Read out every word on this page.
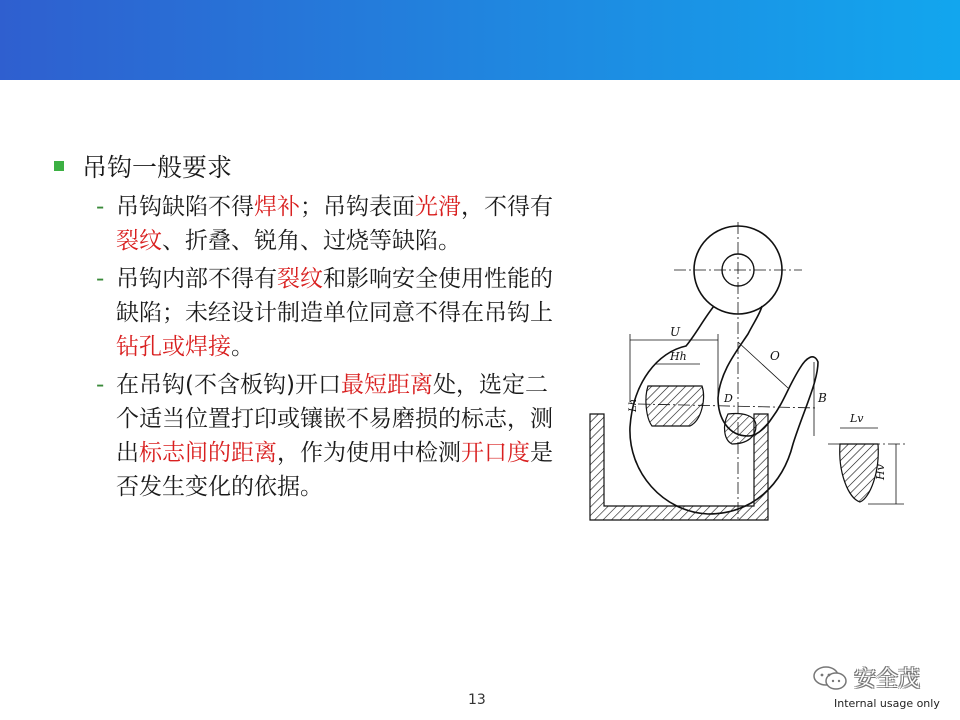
吊钩一般要求
- 吊钩缺陷不得焊补；吊钩表面光滑，不得有裂纹、折叠、锐角、过烧等缺陷。
- 吊钩内部不得有裂纹和影响安全使用性能的缺陷；未经设计制造单位同意不得在吊钩上钻孔或焊接。
- 在吊钩(不含板钩)开口最短距离处，选定二个适当位置打印或镶嵌不易磨损的标志，测出标志间的距离，作为使用中检测开口度是否发生变化的依据。
U
Hh	O
D	B
Lv
Hv
Lh
安全茂
13	Internal usage only
